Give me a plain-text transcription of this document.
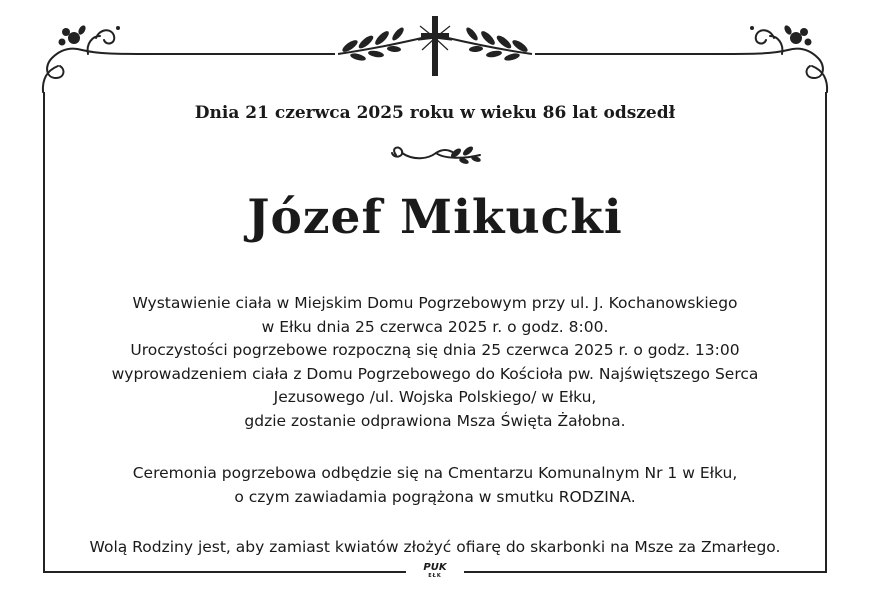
Dnia 21 czerwca 2025 roku w wieku 86 lat odszedł
Józef Mikucki
Wystawienie ciała w Miejskim Domu Pogrzebowym przy ul. J. Kochanowskiego
w Ełku dnia 25 czerwca 2025 r. o godz. 8:00.
Uroczystości pogrzebowe rozpoczną się dnia 25 czerwca 2025 r. o godz. 13:00
wyprowadzeniem ciała z Domu Pogrzebowego do Kościoła pw. Najświętszego Serca
Jezusowego /ul. Wojska Polskiego/ w Ełku,
gdzie zostanie odprawiona Msza Święta Żałobna.
Ceremonia pogrzebowa odbędzie się na Cmentarzu Komunalnym Nr 1 w Ełku,
o czym zawiadamia pogrążona w smutku RODZINA.
Wolą Rodziny jest, aby zamiast kwiatów złożyć ofiarę do skarbonki na Msze za Zmarłego.
PUK
EŁK
